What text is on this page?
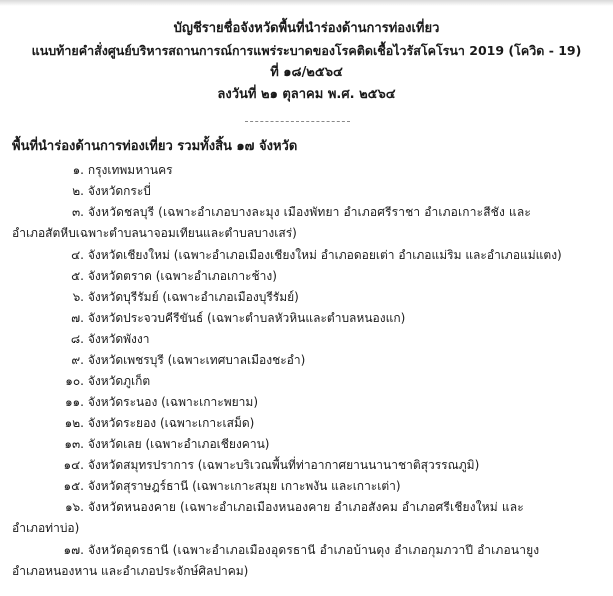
บัญชีรายชื่อจังหวัดพื้นที่นำร่องด้านการท่องเที่ยว
แนบท้ายคำสั่งศูนย์บริหารสถานการณ์การแพร่ระบาดของโรคติดเชื้อไวรัสโคโรนา 2019 (โควิด - 19)
ที่ ๑๘/๒๕๖๔
ลงวันที่ ๒๑ ตุลาคม พ.ศ. ๒๕๖๔
พื้นที่นำร่องด้านการท่องเที่ยว รวมทั้งสิ้น ๑๗ จังหวัด
๑. กรุงเทพมหานคร
๒. จังหวัดกระบี่
๓. จังหวัดชลบุรี (เฉพาะอำเภอบางละมุง เมืองพัทยา อำเภอศรีราชา อำเภอเกาะสีชัง และ
อำเภอสัตหีบเฉพาะตำบลนาจอมเทียนและตำบลบางเสร่)
๔. จังหวัดเชียงใหม่ (เฉพาะอำเภอเมืองเชียงใหม่ อำเภอดอยเต่า อำเภอแม่ริม และอำเภอแม่แตง)
๕. จังหวัดตราด (เฉพาะอำเภอเกาะช้าง)
๖. จังหวัดบุรีรัมย์ (เฉพาะอำเภอเมืองบุรีรัมย์)
๗. จังหวัดประจวบคีรีขันธ์ (เฉพาะตำบลหัวหินและตำบลหนองแก)
๘. จังหวัดพังงา
๙. จังหวัดเพชรบุรี (เฉพาะเทศบาลเมืองชะอำ)
๑๐. จังหวัดภูเก็ต
๑๑. จังหวัดระนอง (เฉพาะเกาะพยาม)
๑๒. จังหวัดระยอง (เฉพาะเกาะเสม็ด)
๑๓. จังหวัดเลย (เฉพาะอำเภอเชียงคาน)
๑๔. จังหวัดสมุทรปราการ (เฉพาะบริเวณพื้นที่ท่าอากาศยานนานาชาติสุวรรณภูมิ)
๑๕. จังหวัดสุราษฎร์ธานี (เฉพาะเกาะสมุย เกาะพงัน และเกาะเต่า)
๑๖. จังหวัดหนองคาย (เฉพาะอำเภอเมืองหนองคาย อำเภอสังคม อำเภอศรีเชียงใหม่ และ
อำเภอท่าบ่อ)
๑๗. จังหวัดอุดรธานี (เฉพาะอำเภอเมืองอุดรธานี อำเภอบ้านดุง อำเภอกุมภวาปี อำเภอนายูง
อำเภอหนองหาน และอำเภอประจักษ์ศิลปาคม)
